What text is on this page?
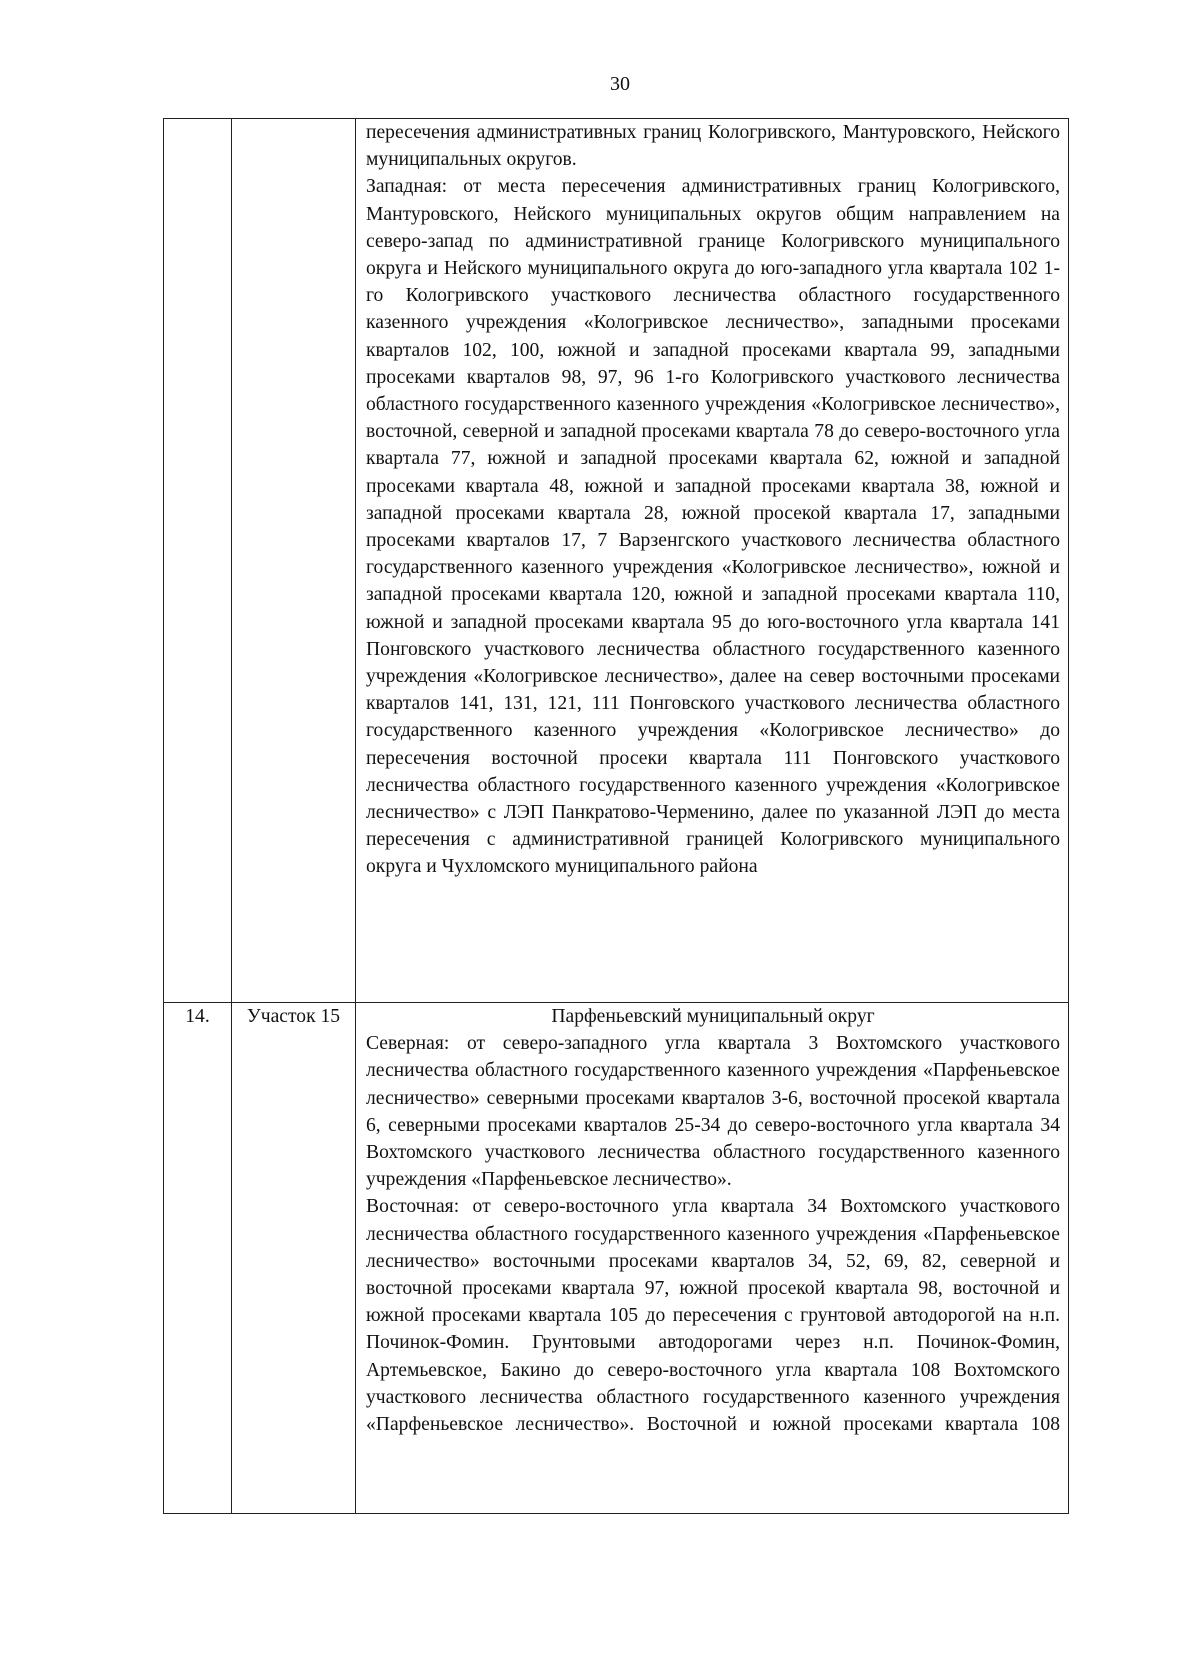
30

		пересечения административных границ Кологривского, Мантуровского, Нейского муниципальных округов.

Западная: от места пересечения административных границ Кологривского, Мантуровского, Нейского муниципальных округов общим направлением на северо-запад по административной границе Кологривского муниципального округа и Нейского муниципального округа до юго-западного угла квартала 102 1-го Кологривского участкового лесничества областного государственного казенного учреждения «Кологривское лесничество», западными просеками кварталов 102, 100, южной и западной просеками квартала 99, западными просеками кварталов 98, 97, 96 1-го Кологривского участкового лесничества областного государственного казенного учреждения «Кологривское лесничество», восточной, северной и западной просеками квартала 78 до северо-восточного угла квартала 77, южной и западной просеками квартала 62, южной и западной просеками квартала 48, южной и западной просеками квартала 38, южной и западной просеками квартала 28, южной просекой квартала 17, западными просеками кварталов 17, 7 Варзенгского участкового лесничества областного государственного казенного учреждения «Кологривское лесничество», южной и западной просеками квартала 120, южной и западной просеками квартала 110, южной и западной просеками квартала 95 до юго-восточного угла квартала 141 Понговского участкового лесничества областного государственного казенного учреждения «Кологривское лесничество», далее на север восточными просеками кварталов 141, 131, 121, 111 Понговского участкового лесничества областного государственного казенного учреждения «Кологривское лесничество» до пересечения восточной просеки квартала 111 Понговского участкового лесничества областного государственного казенного учреждения «Кологривское лесничество» с ЛЭП Панкратово-Черменино, далее по указанной ЛЭП до места пересечения с административной границей Кологривского муниципального округа и Чухломского муниципального района

14.	Участок 15	Парфеньевский муниципальный округ

Северная: от северо-западного угла квартала 3 Вохтомского участкового лесничества областного государственного казенного учреждения «Парфеньевское лесничество» северными просеками кварталов 3-6, восточной просекой квартала 6, северными просеками кварталов 25-34 до северо-восточного угла квартала 34 Вохтомского участкового лесничества областного государственного казенного учреждения «Парфеньевское лесничество».

Восточная: от северо-восточного угла квартала 34 Вохтомского участкового лесничества областного государственного казенного учреждения «Парфеньевское лесничество» восточными просеками кварталов 34, 52, 69, 82, северной и восточной просеками квартала 97, южной просекой квартала 98, восточной и южной просеками квартала 105 до пересечения с грунтовой автодорогой на н.п. Починок-Фомин. Грунтовыми автодорогами через н.п. Починок-Фомин, Артемьевское, Бакино до северо-восточного угла квартала 108 Вохтомского участкового лесничества областного государственного казенного учреждения «Парфеньевское лесничество». Восточной и южной просеками квартала 108
